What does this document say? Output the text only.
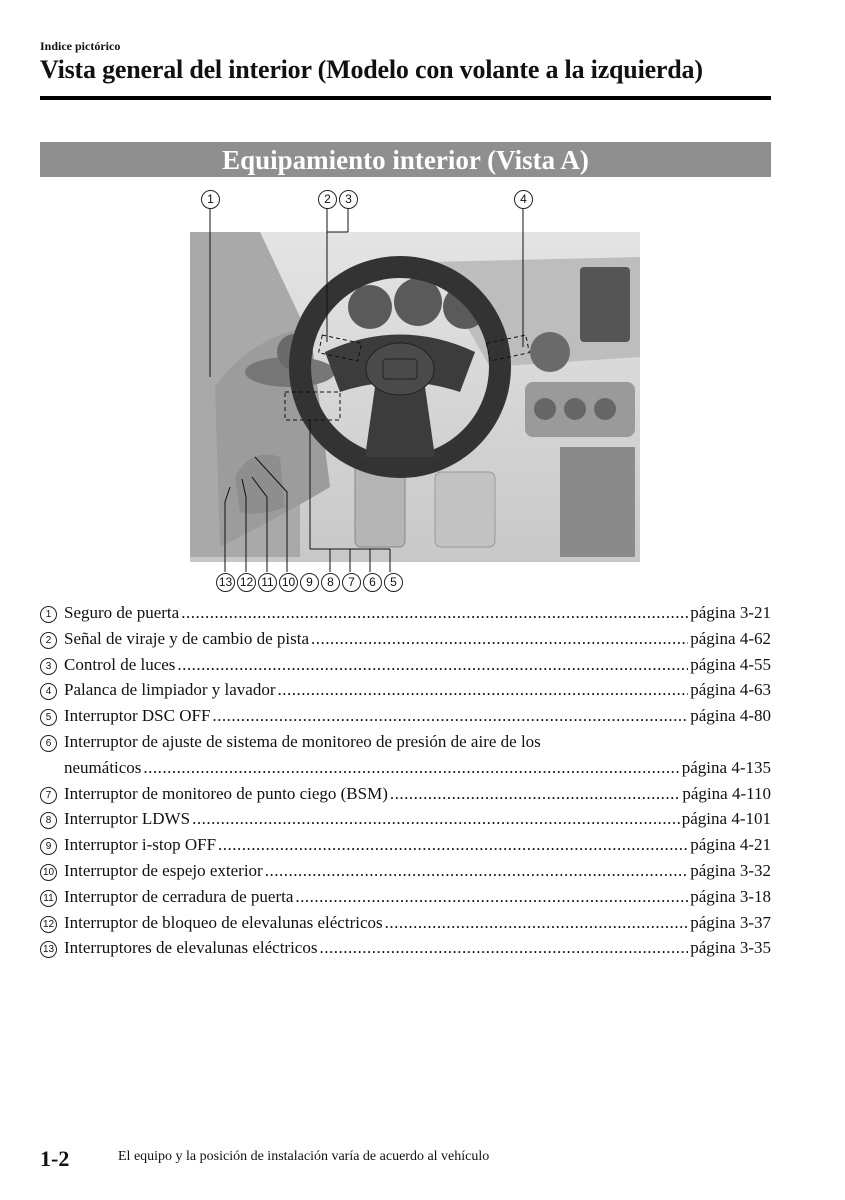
Indice pictórico
Vista general del interior (Modelo con volante a la izquierda)
Equipamiento interior (Vista A)
1	2	3	4
13 12 11 10 9	8	7	6	5
1 Seguro de puerta .....	página 3-21
2 Señal de viraje y de cambio de pista .....	página 4-62
3 Control de luces .....	página 4-55
4 Palanca de limpiador y lavador .....	página 4-63
5 Interruptor DSC OFF .....	página 4-80
6 Interruptor de ajuste de sistema de monitoreo de presión de aire de los
neumáticos .....	página 4-135
7 Interruptor de monitoreo de punto ciego (BSM) .....	página 4-110
8 Interruptor LDWS .....	página 4-101
9 Interruptor i-stop OFF .....	página 4-21
10 Interruptor de espejo exterior .....	página 3-32
11 Interruptor de cerradura de puerta .....	página 3-18
12 Interruptor de bloqueo de elevalunas eléctricos .....	página 3-37
13 Interruptores de elevalunas eléctricos .....	página 3-35
1-2	El equipo y la posición de instalación varía de acuerdo al vehículo
